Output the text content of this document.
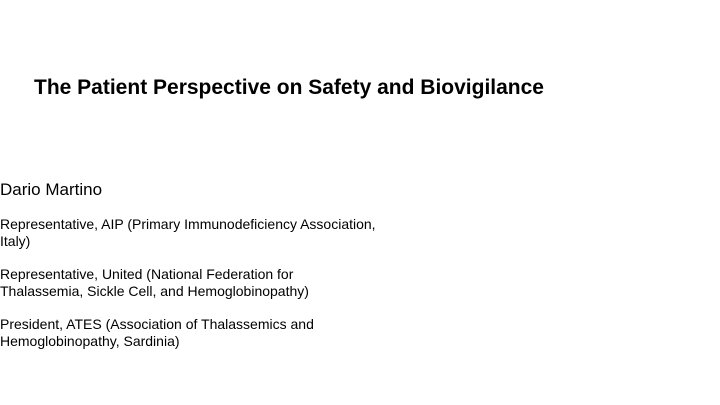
The Patient Perspective on Safety and Biovigilance

Dario Martino

Representative, AIP (Primary Immunodeficiency Association,
Italy)
Representative, United (National Federation for
Thalassemia, Sickle Cell, and Hemoglobinopathy)
President, ATES (Association of Thalassemics and
Hemoglobinopathy, Sardinia)
